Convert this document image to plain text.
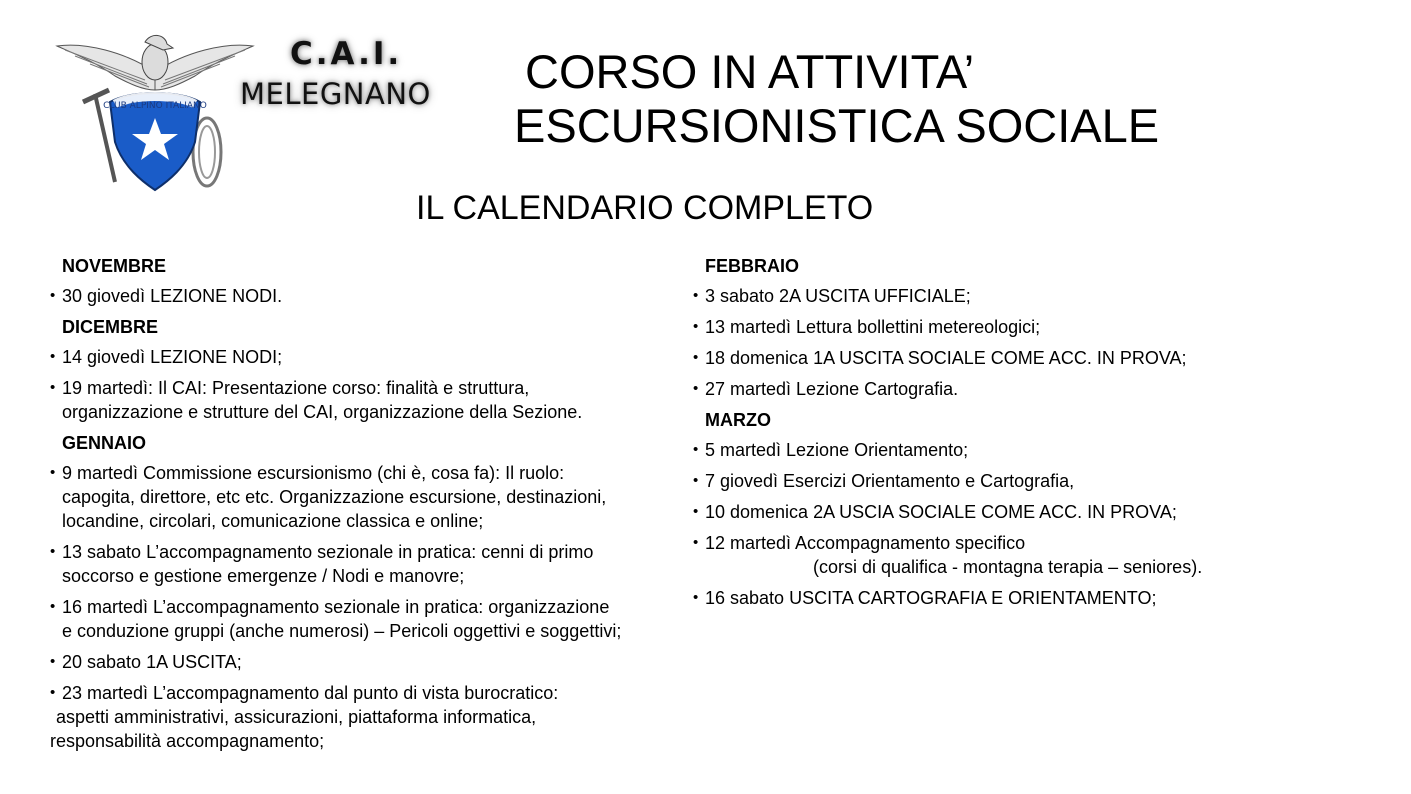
CLUB ALPINO ITALIANO
C.A.I.
MELEGNANO CORSO IN ATTIVITA’
ESCURSIONISTICA SOCIALE
IL CALENDARIO COMPLETO
NOVEMBRE
• 30 giovedì LEZIONE NODI.
DICEMBRE
• 14 giovedì LEZIONE NODI;
• 19 martedì: Il CAI: Presentazione corso: finalità e struttura,
organizzazione e strutture del CAI, organizzazione della Sezione.
GENNAIO
• 9 martedì Commissione escursionismo (chi è, cosa fa): Il ruolo:
capogita, direttore, etc etc. Organizzazione escursione, destinazioni,
locandine, circolari, comunicazione classica e online;
• 13 sabato L’accompagnamento sezionale in pratica: cenni di primo
soccorso e gestione emergenze / Nodi e manovre;
• 16 martedì L’accompagnamento sezionale in pratica: organizzazione
e conduzione gruppi (anche numerosi) – Pericoli oggettivi e soggettivi;
• 20 sabato 1A USCITA;
• 23 martedì L’accompagnamento dal punto di vista burocratico:
aspetti amministrativi, assicurazioni, piattaforma informatica,
responsabilità accompagnamento;
FEBBRAIO
• 3 sabato 2A USCITA UFFICIALE;
• 13 martedì Lettura bollettini metereologici;
• 18 domenica 1A USCITA SOCIALE COME ACC. IN PROVA;
• 27 martedì Lezione Cartografia.
MARZO
• 5 martedì Lezione Orientamento;
• 7 giovedì Esercizi Orientamento e Cartografia,
• 10 domenica 2A USCIA SOCIALE COME ACC. IN PROVA;
• 12 martedì Accompagnamento specifico
(corsi di qualifica - montagna terapia – seniores).
• 16 sabato USCITA CARTOGRAFIA E ORIENTAMENTO;
